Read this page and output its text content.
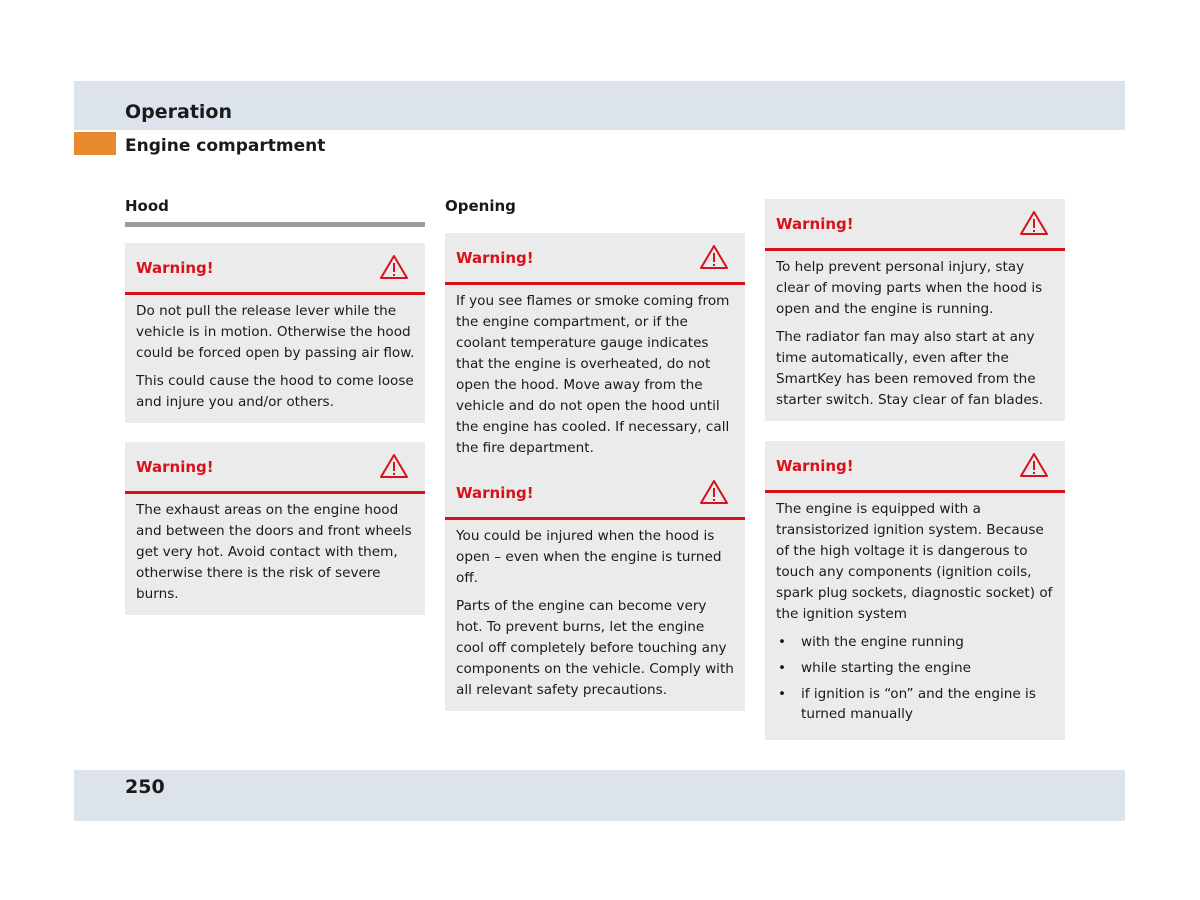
Operation
Engine compartment
Hood	Opening
Warning!

Do not pull the release lever while the vehicle is in motion. Otherwise the hood could be forced open by passing air flow.

This could cause the hood to come loose and injure you and/or others.

Warning!

The exhaust areas on the engine hood and between the doors and front wheels get very hot. Avoid contact with them, otherwise there is the risk of severe burns.

Warning!

If you see flames or smoke coming from the engine compartment, or if the coolant temperature gauge indicates that the engine is overheated, do not open the hood. Move away from the vehicle and do not open the hood until the engine has cooled. If necessary, call the fire department.

Warning!

You could be injured when the hood is open – even when the engine is turned off.

Parts of the engine can become very hot. To prevent burns, let the engine cool off completely before touching any components on the vehicle. Comply with all relevant safety precautions.

Warning!

To help prevent personal injury, stay clear of moving parts when the hood is open and the engine is running.

The radiator fan may also start at any time automatically, even after the SmartKey has been removed from the starter switch. Stay clear of fan blades.

Warning!

The engine is equipped with a transistorized ignition system. Because of the high voltage it is dangerous to touch any components (ignition coils, spark plug sockets, diagnostic socket) of the ignition system

• with the engine running
• while starting the engine
• if ignition is “on” and the engine is turned manually

250
